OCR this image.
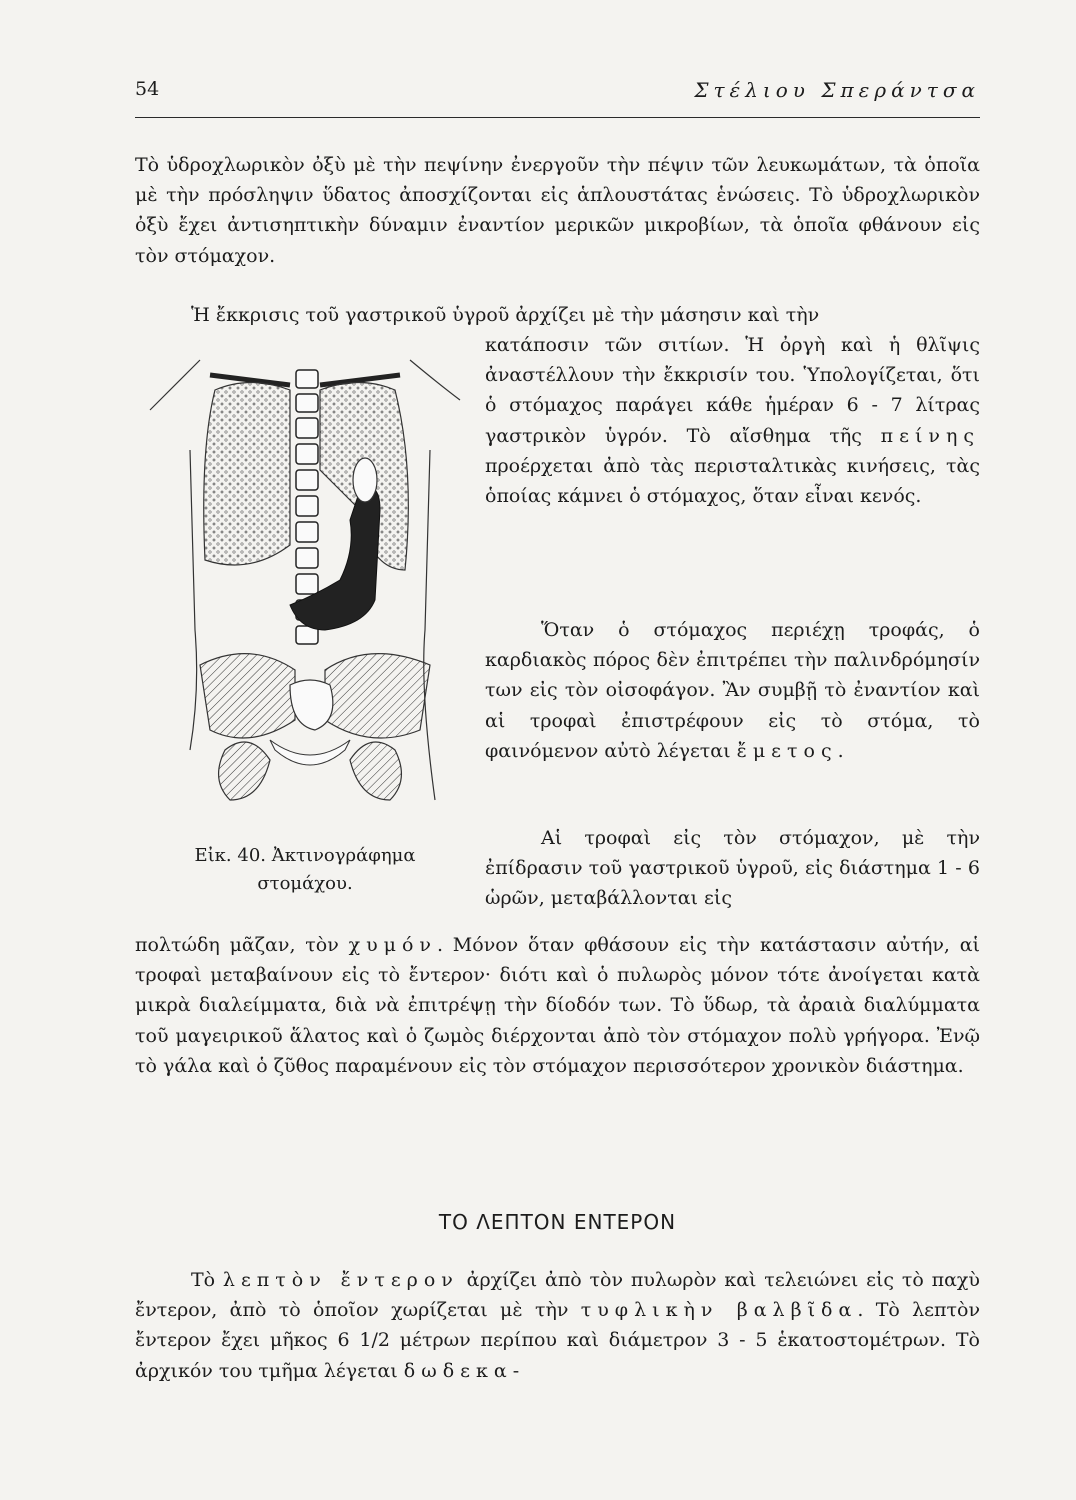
54	Στέλιου Σπεράντσα
Τὸ ὑδροχλωρικὸν ὀξὺ μὲ τὴν πεψίνην ἐνεργοῦν τὴν πέψιν τῶν λευκωμάτων, τὰ ὁποῖα μὲ τὴν πρόσληψιν ὕδατος ἀποσχίζονται εἰς ἁπλουστάτας ἑνώσεις. Τὸ ὑδροχλωρικὸν ὀξὺ ἔχει ἀντισηπτικὴν δύναμιν ἐναντίον μερικῶν μικροβίων, τὰ ὁποῖα φθάνουν εἰς τὸν στόμαχον.
Ἡ ἔκκρισις τοῦ γαστρικοῦ ὑγροῦ ἀρχίζει μὲ τὴν μάσησιν καὶ τὴν
κατάποσιν τῶν σιτίων. Ἡ ὀργὴ καὶ ἡ θλῖψις ἀναστέλλουν τὴν ἔκκρισίν του. Ὑπολογίζεται, ὅτι ὁ στόμαχος παράγει κάθε ἡμέραν 6 - 7 λίτρας γαστρικὸν ὑγρόν. Τὸ αἴσθημα τῆς πείνης προέρχεται ἀπὸ τὰς περισταλτικὰς κινήσεις, τὰς ὁποίας κάμνει ὁ στόμαχος, ὅταν εἶναι κενός.
Ὅταν ὁ στόμαχος περιέχῃ τροφάς, ὁ καρδιακὸς πόρος δὲν ἐπιτρέπει τὴν παλινδρόμησίν των εἰς τὸν οἰσοφάγον. Ἂν συμβῇ τὸ ἐναντίον καὶ αἱ τροφαὶ ἐπιστρέφουν εἰς τὸ στόμα, τὸ φαινόμενον αὐτὸ λέγεται ἔμετος.
Αἱ τροφαὶ εἰς τὸν στόμαχον, μὲ τὴν ἐπίδρασιν τοῦ γαστρικοῦ ὑγροῦ, εἰς διάστημα 1 - 6 ὡρῶν, μεταβάλλονται εἰς
πολτώδη μᾶζαν, τὸν χυμόν. Μόνον ὅταν φθάσουν εἰς τὴν κατάστασιν αὐτήν, αἱ τροφαὶ μεταβαίνουν εἰς τὸ ἔντερον· διότι καὶ ὁ πυλωρὸς μόνον τότε ἀνοίγεται κατὰ μικρὰ διαλείμματα, διὰ νὰ ἐπιτρέψῃ τὴν δίοδόν των. Τὸ ὕδωρ, τὰ ἀραιὰ διαλύμματα τοῦ μαγειρικοῦ ἅλατος καὶ ὁ ζωμὸς διέρχονται ἀπὸ τὸν στόμαχον πολὺ γρήγορα. Ἐνῷ τὸ γάλα καὶ ὁ ζῦθος παραμένουν εἰς τὸν στόμαχον περισσότερον χρονικὸν διάστημα.
ΤΟ ΛΕΠΤΟΝ ΕΝΤΕΡΟΝ
Τὸ λεπτὸν ἔντερον ἀρχίζει ἀπὸ τὸν πυλωρὸν καὶ τελειώνει εἰς τὸ παχὺ ἔντερον, ἀπὸ τὸ ὁποῖον χωρίζεται μὲ τὴν τυφλικὴν βαλβῖδα. Τὸ λεπτὸν ἔντερον ἔχει μῆκος 6 1/2 μέτρων περίπου καὶ διάμετρον 3 - 5 ἑκατοστομέτρων. Τὸ ἀρχικόν του τμῆμα λέγεται δωδεκα-
Εἰκ. 40. Ἀκτινογράφημα
στομάχου.
